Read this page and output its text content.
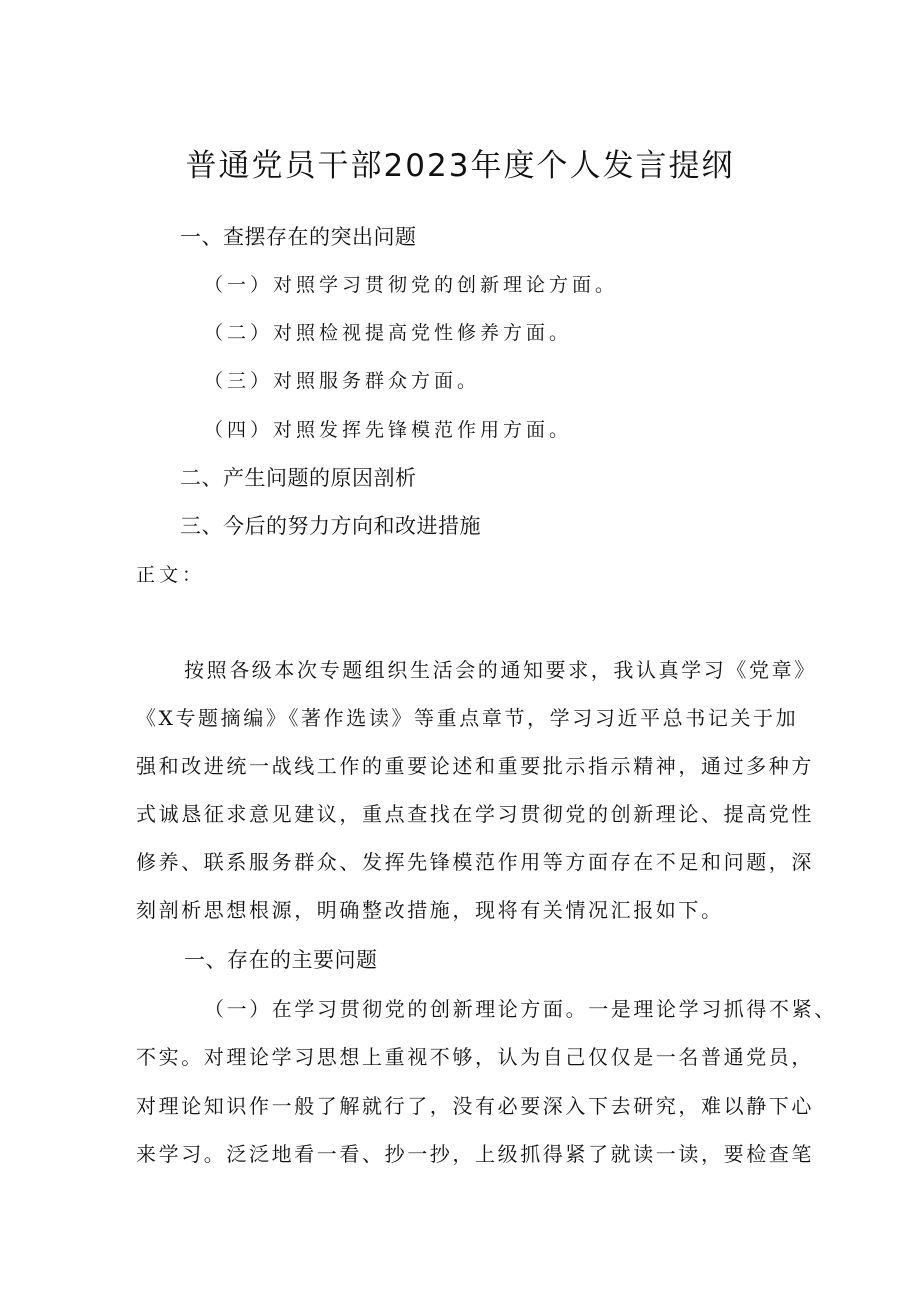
普通党员干部2023年度个人发言提纲
一、查摆存在的突出问题
（一）对照学习贯彻党的创新理论方面。
（二）对照检视提高党性修养方面。
（三）对照服务群众方面。
（四）对照发挥先锋模范作用方面。
二、产生问题的原因剖析
三、今后的努力方向和改进措施
正文：
按照各级本次专题组织生活会的通知要求，我认真学习《党章》
《X专题摘编》《著作选读》等重点章节，学习习近平总书记关于加
强和改进统一战线工作的重要论述和重要批示指示精神，通过多种方
式诚恳征求意见建议，重点查找在学习贯彻党的创新理论、提高党性
修养、联系服务群众、发挥先锋模范作用等方面存在不足和问题，深
刻剖析思想根源，明确整改措施，现将有关情况汇报如下。
一、存在的主要问题
（一）在学习贯彻党的创新理论方面。一是理论学习抓得不紧、
不实。对理论学习思想上重视不够，认为自己仅仅是一名普通党员，
对理论知识作一般了解就行了，没有必要深入下去研究，难以静下心
来学习。泛泛地看一看、抄一抄，上级抓得紧了就读一读，要检查笔
